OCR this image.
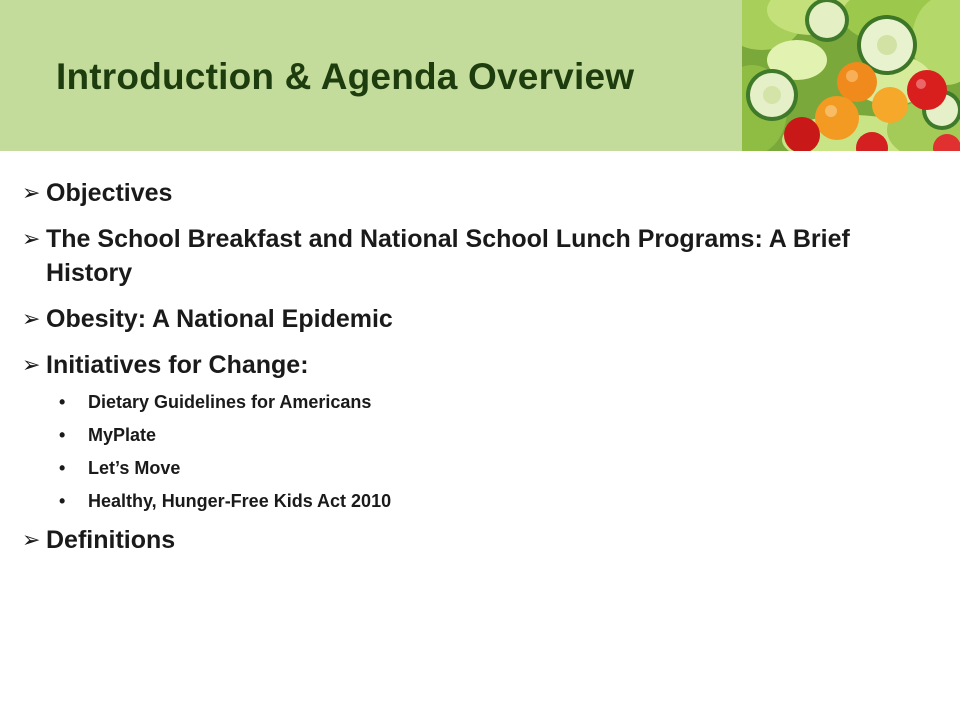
Introduction & Agenda Overview
➢ Objectives
➢ The School Breakfast and National School Lunch Programs: A Brief History
➢ Obesity: A National Epidemic
➢ Initiatives for Change:
• Dietary Guidelines for Americans
• MyPlate
• Let’s Move
• Healthy, Hunger-Free Kids Act 2010
➢ Definitions
